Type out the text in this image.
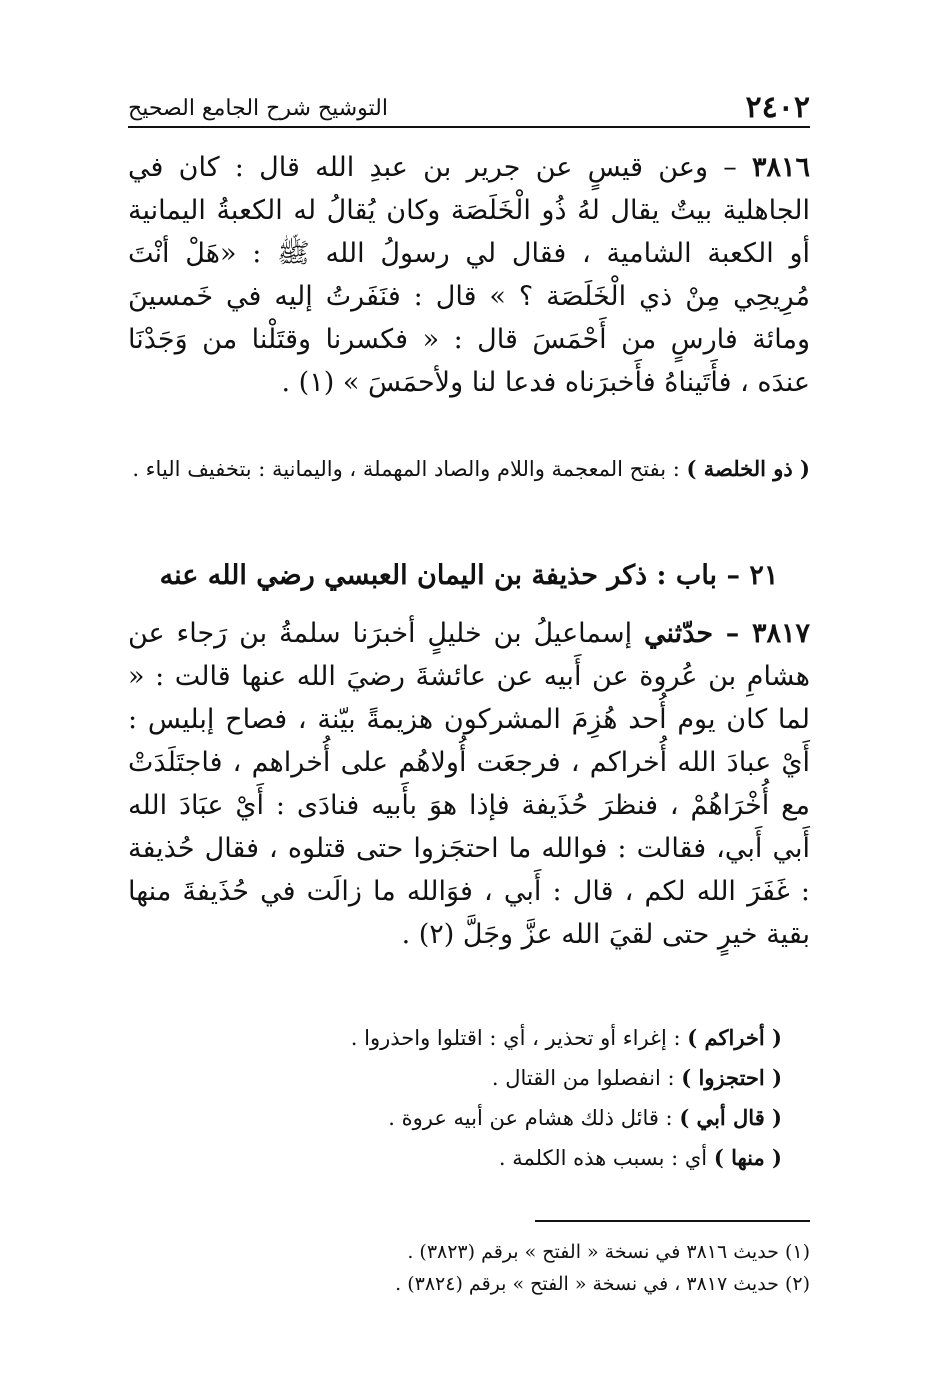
٢٤٠٢
التوشيح شرح الجامع الصحيح

٣٨١٦ – وعن قيسٍ عن جرير بن عبدِ الله قال : كان في الجاهلية بيتٌ يقال لهُ ذُو الْخَلَصَة وكان يُقالُ له الكعبةُ اليمانية أو الكعبة الشامية ، فقال لي رسولُ الله ﷺ : «هَلْ أنْتَ مُرِيحِي مِنْ ذي الْخَلَصَة ؟ » قال : فنَفَرتُ إليه في خَمسينَ ومائة فارسٍ من أَحْمَسَ قال : « فكسرنا وقتَلْنا من وَجَدْنَا عندَه ، فأَتَيناهُ فأَخبرَناه فدعا لنا ولأحمَسَ » (١) .

( ذو الخلصة ) : بفتح المعجمة واللام والصاد المهملة ، واليمانية : بتخفيف الياء .

٢١ – باب : ذكر حذيفة بن اليمان العبسي رضي الله عنه

٣٨١٧ – حدّثني إسماعيلُ بن خليلٍ أخبرَنا سلمةُ بن رَجاء عن هشامِ بن عُروة عن أَبيه عن عائشةَ رضيَ الله عنها قالت : « لما كان يوم أُحد هُزِمَ المشركون هزيمةً بيّنة ، فصاح إبليس : أَيْ عبادَ الله أُخراكم ، فرجعَت أُولاهُم على أُخراهم ، فاجتَلَدَتْ مع أُخْرَاهُمْ ، فنظرَ حُذَيفة فإذا هوَ بأَبيه فنادَى : أَيْ عبَادَ الله أَبي أَبي، فقالت : فوالله ما احتجَزوا حتى قتلوه ، فقال حُذيفة : غَفَرَ الله لكم ، قال : أَبي ، فوَالله ما زالَت في حُذَيفةَ منها بقية خيرٍ حتى لقيَ الله عزَّ وجَلَّ (٢) .

( أخراكم ) : إغراء أو تحذير ، أي : اقتلوا واحذروا .

( احتجزوا ) : انفصلوا من القتال .

( قال أبي ) : قائل ذلك هشام عن أبيه عروة .

( منها ) أي : بسبب هذه الكلمة .

(١) حديث ٣٨١٦ في نسخة « الفتح » برقم (٣٨٢٣) .

(٢) حديث ٣٨١٧ ، في نسخة « الفتح » برقم (٣٨٢٤) .
